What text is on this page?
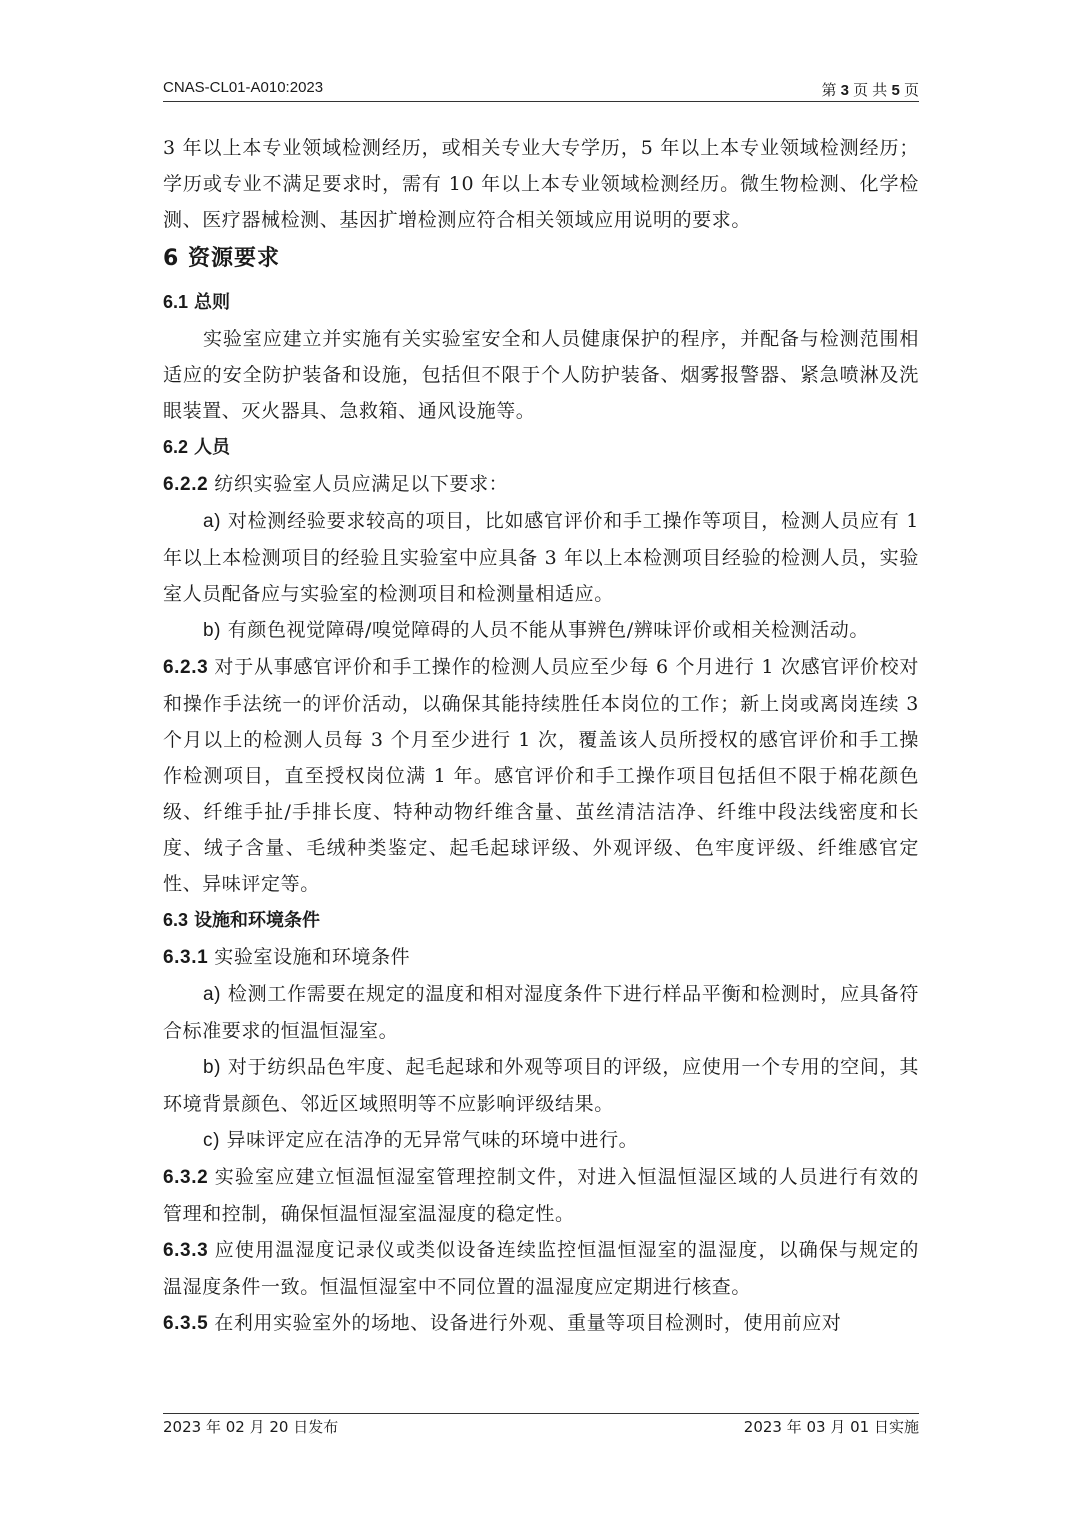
CNAS-CL01-A010:2023	第 3 页 共 5 页

3 年以上本专业领域检测经历，或相关专业大专学历，5 年以上本专业领域检测经历；学历或专业不满足要求时，需有 10 年以上本专业领域检测经历。微生物检测、化学检测、医疗器械检测、基因扩增检测应符合相关领域应用说明的要求。

6 资源要求
6.1 总则

实验室应建立并实施有关实验室安全和人员健康保护的程序，并配备与检测范围相适应的安全防护装备和设施，包括但不限于个人防护装备、烟雾报警器、紧急喷淋及洗眼装置、灭火器具、急救箱、通风设施等。

6.2 人员

6.2.2 纺织实验室人员应满足以下要求：

a) 对检测经验要求较高的项目，比如感官评价和手工操作等项目，检测人员应有 1 年以上本检测项目的经验且实验室中应具备 3 年以上本检测项目经验的检测人员，实验室人员配备应与实验室的检测项目和检测量相适应。

b) 有颜色视觉障碍/嗅觉障碍的人员不能从事辨色/辨味评价或相关检测活动。

6.2.3 对于从事感官评价和手工操作的检测人员应至少每 6 个月进行 1 次感官评价校对和操作手法统一的评价活动，以确保其能持续胜任本岗位的工作；新上岗或离岗连续 3 个月以上的检测人员每 3 个月至少进行 1 次，覆盖该人员所授权的感官评价和手工操作检测项目，直至授权岗位满 1 年。感官评价和手工操作项目包括但不限于棉花颜色级、纤维手扯/手排长度、特种动物纤维含量、茧丝清洁洁净、纤维中段法线密度和长度、绒子含量、毛绒种类鉴定、起毛起球评级、外观评级、色牢度评级、纤维感官定性、异味评定等。

6.3 设施和环境条件

6.3.1 实验室设施和环境条件

a) 检测工作需要在规定的温度和相对湿度条件下进行样品平衡和检测时，应具备符合标准要求的恒温恒湿室。

b) 对于纺织品色牢度、起毛起球和外观等项目的评级，应使用一个专用的空间，其环境背景颜色、邻近区域照明等不应影响评级结果。

c) 异味评定应在洁净的无异常气味的环境中进行。

6.3.2 实验室应建立恒温恒湿室管理控制文件，对进入恒温恒湿区域的人员进行有效的管理和控制，确保恒温恒湿室温湿度的稳定性。

6.3.3 应使用温湿度记录仪或类似设备连续监控恒温恒湿室的温湿度，以确保与规定的温湿度条件一致。恒温恒湿室中不同位置的温湿度应定期进行核查。

6.3.5 在利用实验室外的场地、设备进行外观、重量等项目检测时，使用前应对

2023 年 02 月 20 日发布	2023 年 03 月 01 日实施
